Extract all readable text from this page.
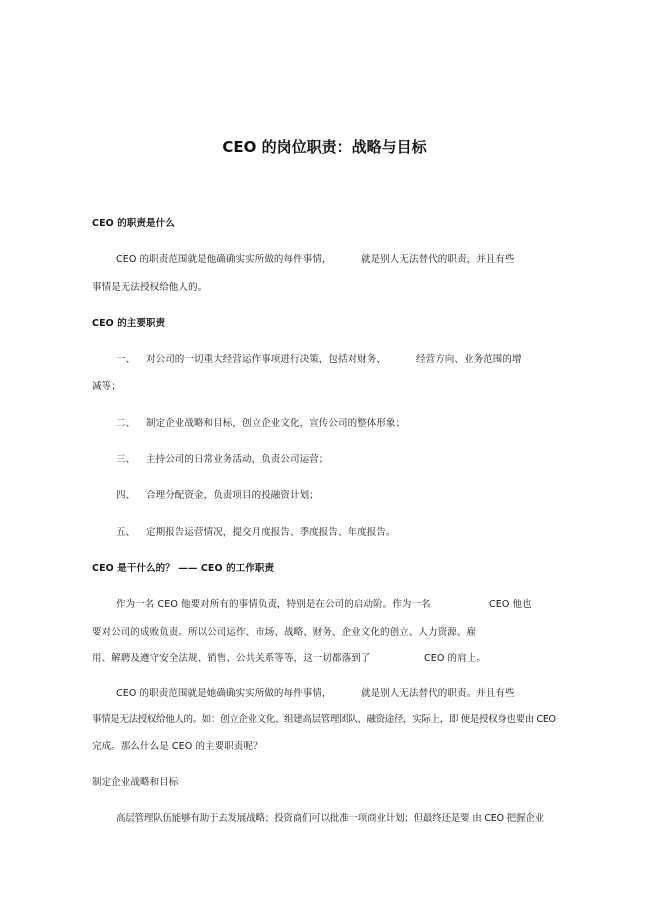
CEO 的岗位职责：战略与目标
CEO 的职责是什么
CEO 的职责范围就是他确确实实所做的每件事情，	就是别人无法替代的职责，并且有些
事情是无法授权给他人的。
CEO 的主要职责
一、 对公司的一切重大经营运作事项进行决策，包括对财务、	经营方向、业务范围的增
减等；
二、 制定企业战略和目标，创立企业文化，宣传公司的整体形象；
三、 主持公司的日常业务活动，负责公司运营；
四、 合理分配资金，负责项目的投融资计划；
五、 定期报告运营情况，提交月度报告、季度报告、年度报告。
CEO 是干什么的？ —— CEO 的工作职责
作为一名 CEO 他要对所有的事情负责，特别是在公司的启动阶。作为一名	CEO 他也
要对公司的成败负责。所以公司运作、市场、战略、财务、企业文化的创立、人力资源、雇
用、解聘及遵守安全法规、销售、公共关系等等，这一切都落到了	CEO 的肩上。
CEO 的职责范围就是她确确实实所做的每件事情，	就是别人无法替代的职责。并且有些
事情是无法授权给他人的。如：创立企业文化、组建高层管理团队、融资途径，实际上，即 便是授权身也要由 CEO
完成。那么什么是 CEO 的主要职责呢？
制定企业战略和目标
高层管理队伍能够有助于去发展战略；投资商们可以批准一项商业计划；但最终还是要 由 CEO 把握企业
